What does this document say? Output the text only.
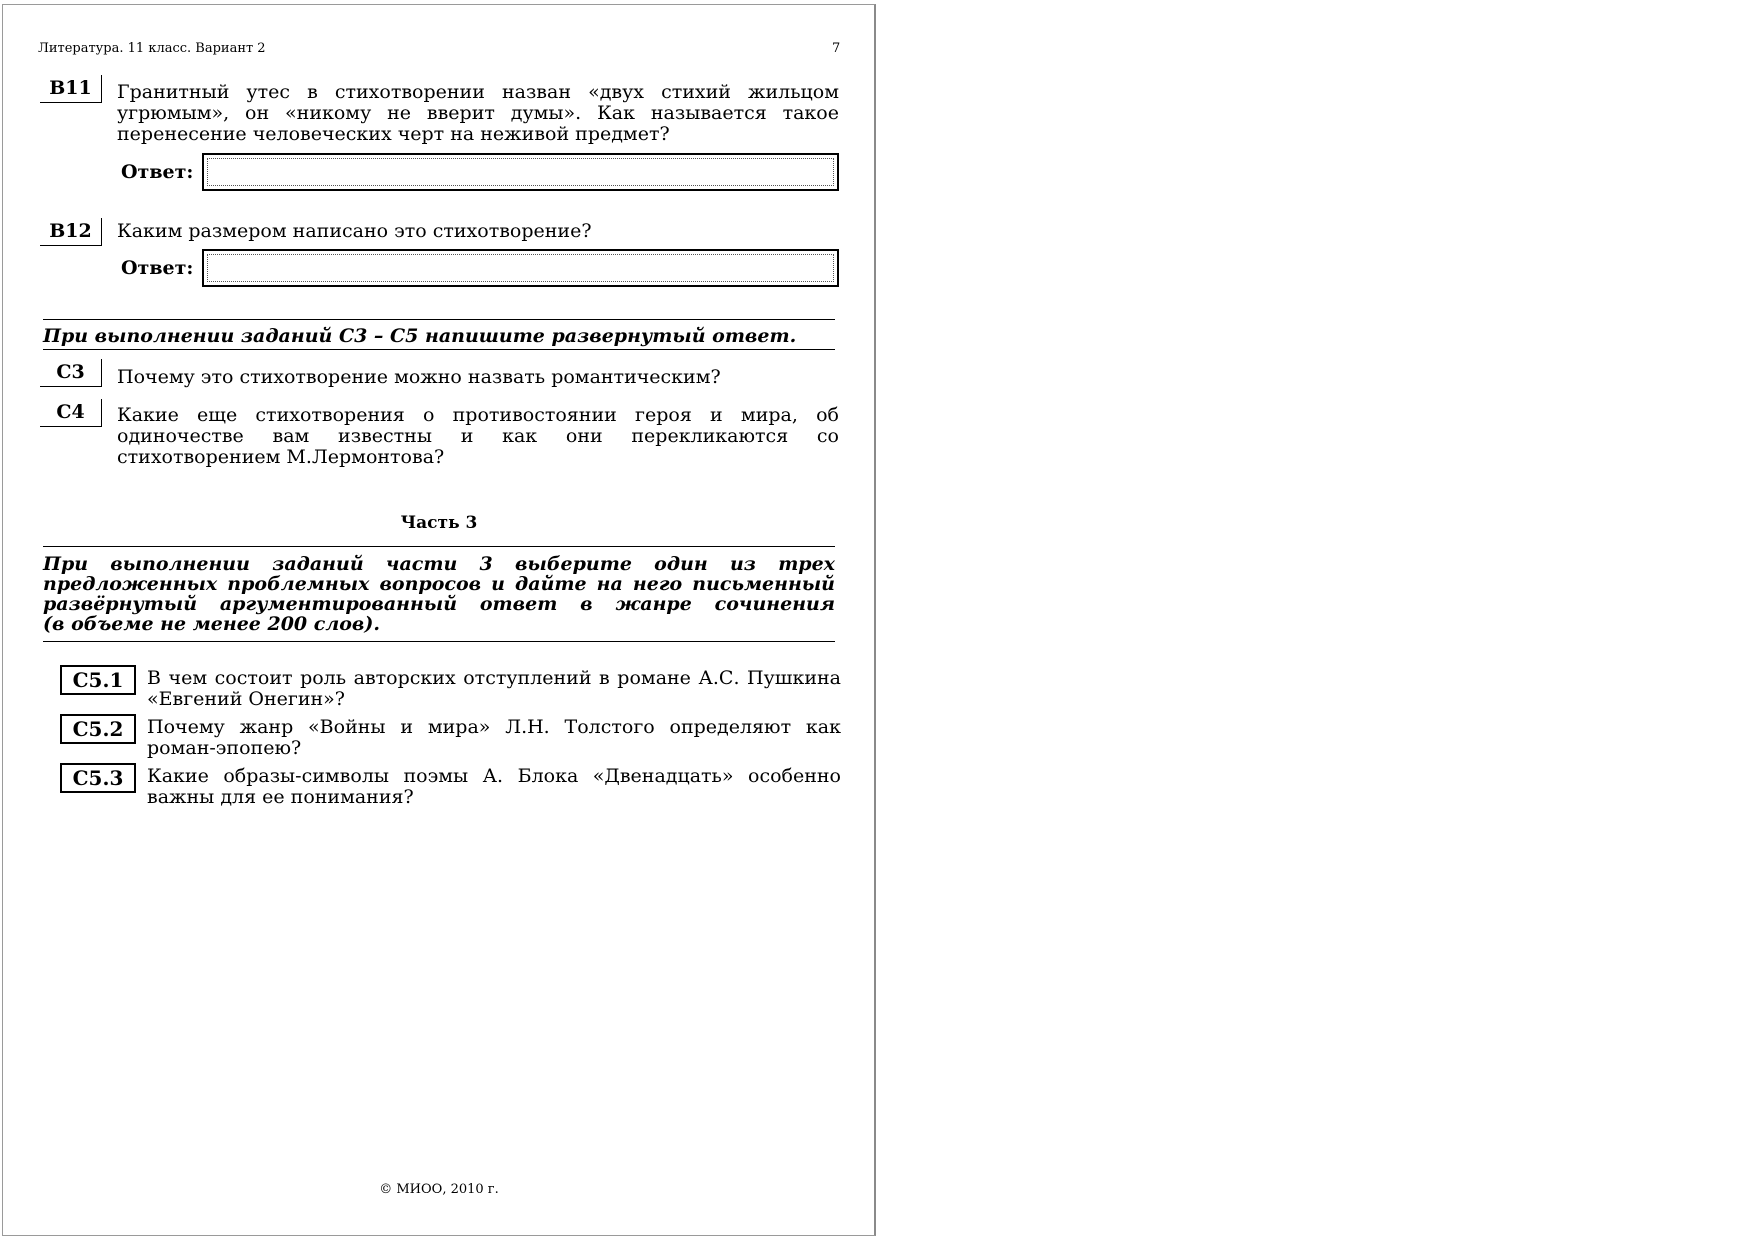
Литература. 11 класс. Вариант 2	7
B11	Гранитный утес в стихотворении назван «двух стихий жильцом
угрюмым», он «никому не вверит думы». Как называется такое
перенесение человеческих черт на неживой предмет?
Ответ:
B12	Каким размером написано это стихотворение?
Ответ:
При выполнении заданий С3 – С5 напишите развернутый ответ.
С3	Почему это стихотворение можно назвать романтическим?
С4	Какие еще стихотворения о противостоянии героя и мира, об
одиночестве вам известны и как они перекликаются со
стихотворением М.Лермонтова?
Часть 3
При выполнении заданий части 3 выберите один из трех
предложенных проблемных вопросов и дайте на него письменный
развёрнутый аргументированный ответ в жанре сочинения
(в объеме не менее 200 слов).
С5.1	В чем состоит роль авторских отступлений в романе А.С. Пушкина
«Евгений Онегин»?
С5.2	Почему жанр «Войны и мира» Л.Н. Толстого определяют как
роман-эпопею?
С5.3	Какие образы-символы поэмы А. Блока «Двенадцать» особенно
важны для ее понимания?
© МИОО, 2010 г.
